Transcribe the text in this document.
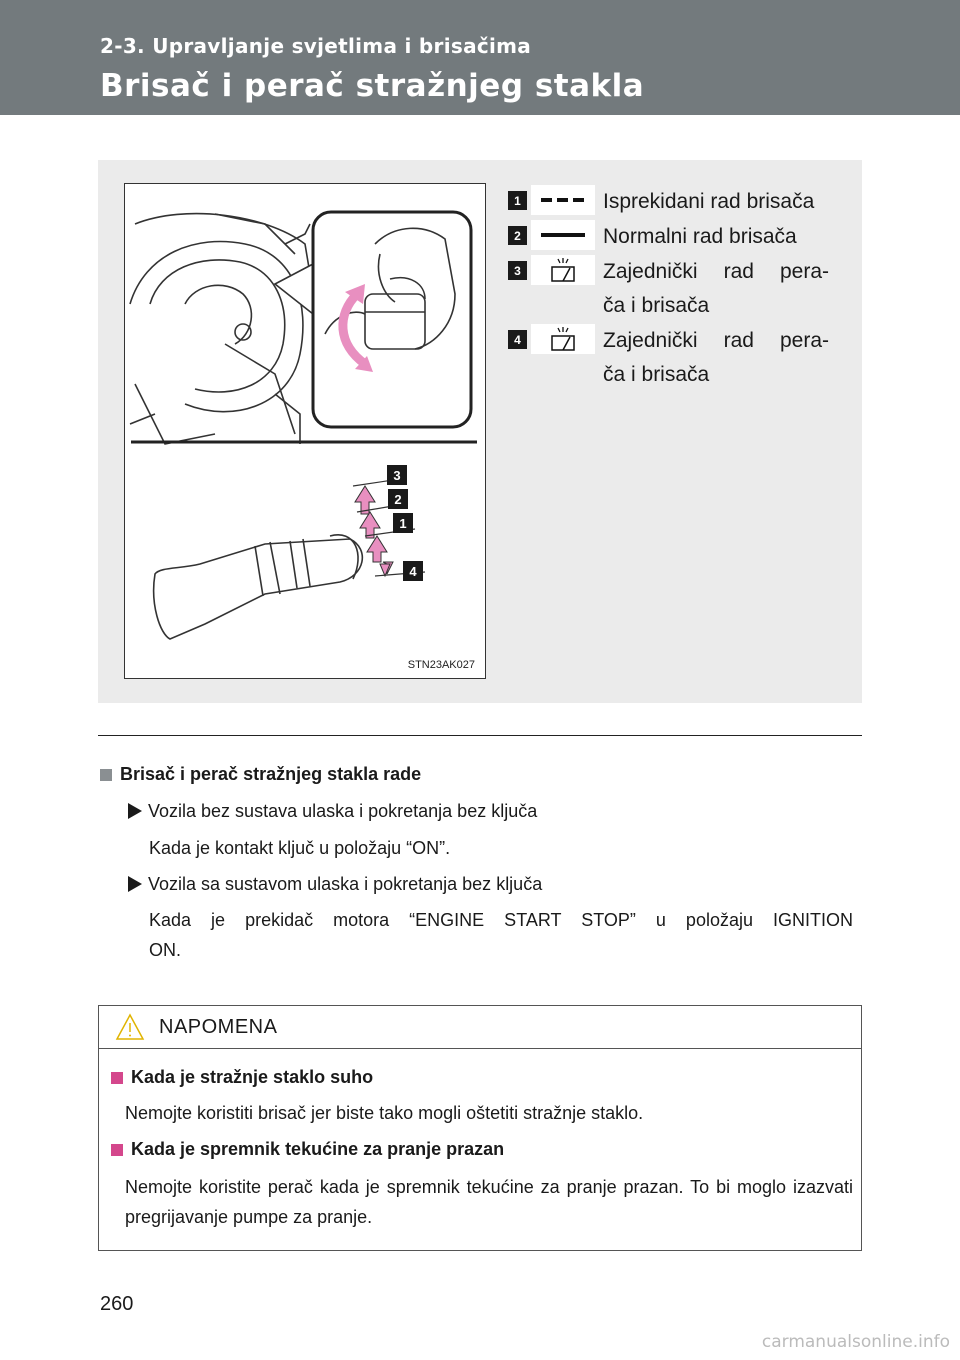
2-3. Upravljanje svjetlima i brisačima
Brisač i perač stražnjeg stakla
3
2
1
4
STN23AK027
1	Isprekidani rad brisača
2	Normalni rad brisača
3	Zajednički rad pera-
ča i brisača
4	Zajednički rad pera-
ča i brisača
Brisač i perač stražnjeg stakla rade
Vozila bez sustava ulaska i pokretanja bez ključa
Kada je kontakt ključ u položaju “ON”.
Vozila sa sustavom ulaska i pokretanja bez ključa
Kada je prekidač motora “ENGINE START STOP” u položaju IGNITION
ON.
NAPOMENA
Kada je stražnje staklo suho
Nemojte koristiti brisač jer biste tako mogli oštetiti stražnje staklo.
Kada je spremnik tekućine za pranje prazan
Nemojte koristite perač kada je spremnik tekućine za pranje prazan. To bi moglo izazvati pregrijavanje pumpe za pranje.
260
carmanualsonline.info
